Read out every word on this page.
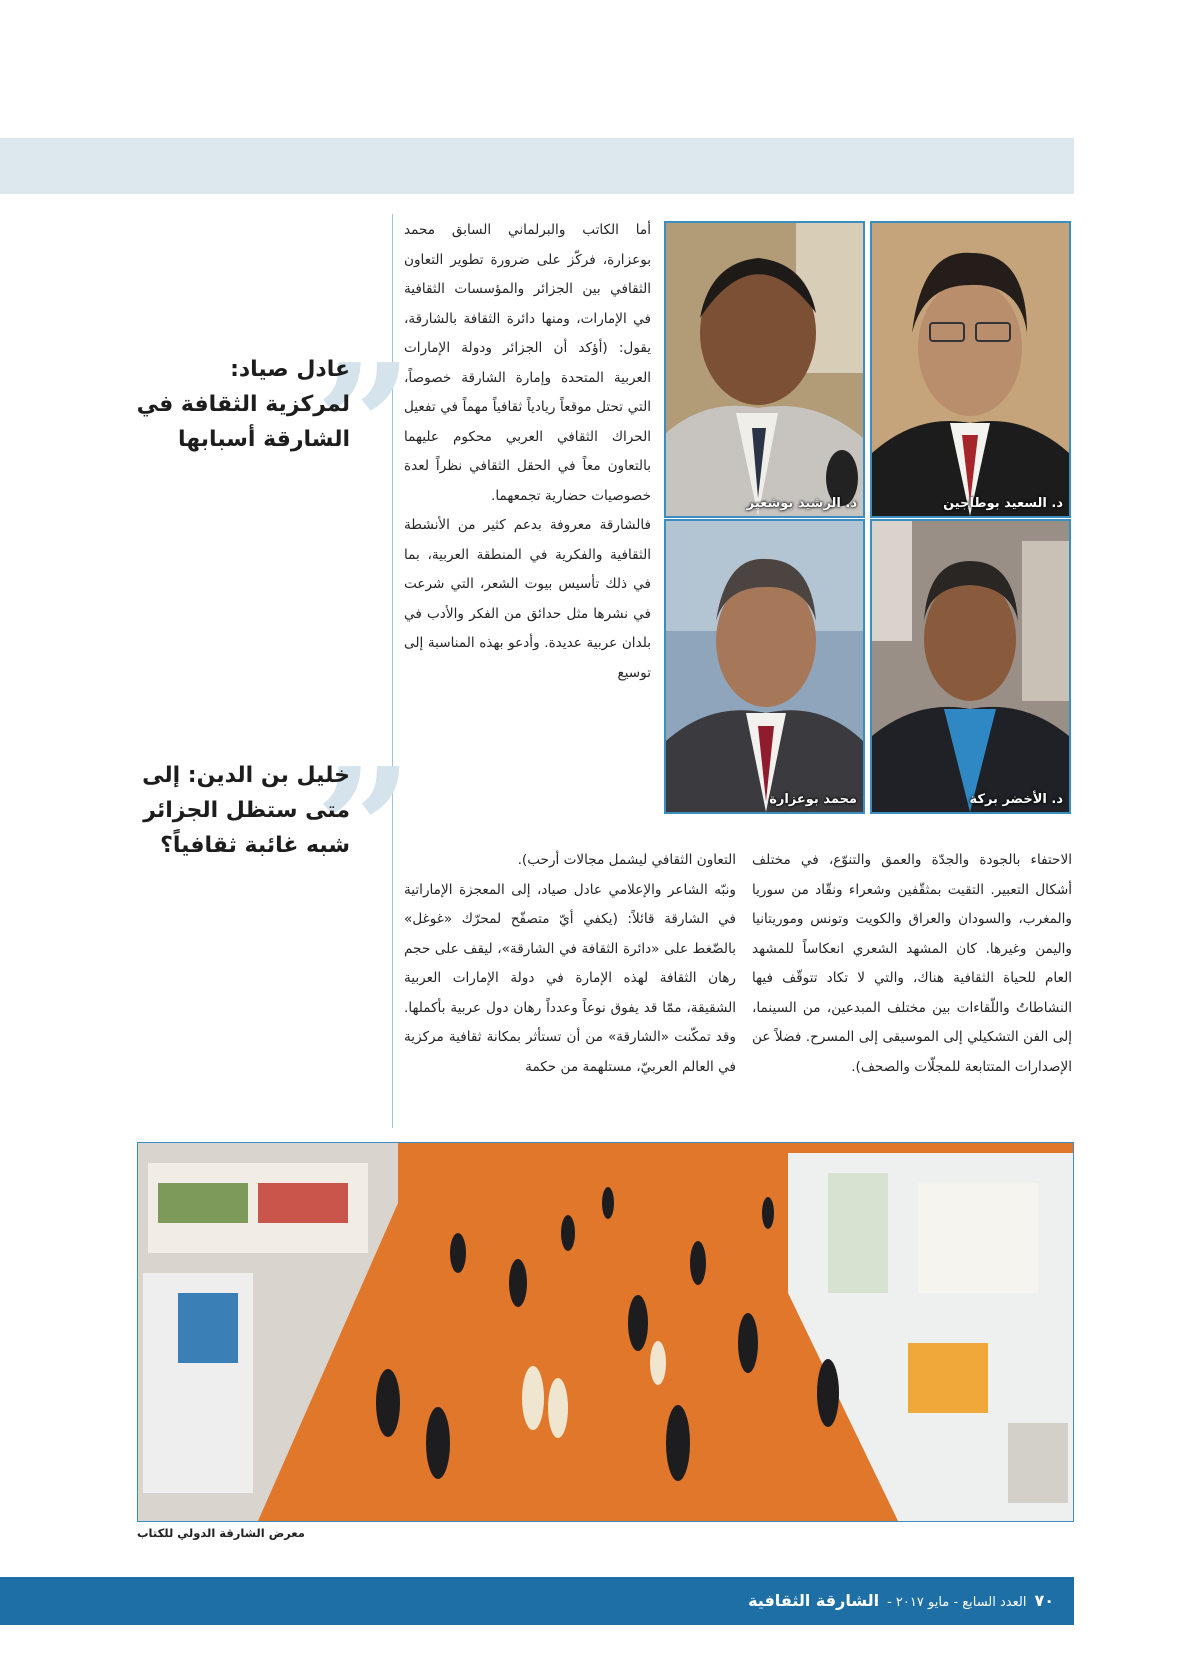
”
عادل صياد:
لمركزية الثقافة في
الشارقة أسبابها
”
خليل بن الدين: إلى
متى ستظل الجزائر
شبه غائبة ثقافياً؟

أما الكاتب والبرلماني السابق محمد بوعزارة، فركّز على ضرورة تطوير التعاون الثقافي بين الجزائر والمؤسسات الثقافية في الإمارات، ومنها دائرة الثقافة بالشارقة، يقول: (أؤكد أن الجزائر ودولة الإمارات العربية المتحدة وإمارة الشارقة خصوصاً، التي تحتل موقعاً ريادياً ثقافياً مهماً في تفعيل الحراك الثقافي العربي محكوم عليهما بالتعاون معاً في الحقل الثقافي نظراً لعدة خصوصيات حضارية تجمعهما.

فالشارقة معروفة بدعم كثير من الأنشطة الثقافية والفكرية في المنطقة العربية، بما في ذلك تأسيس بيوت الشعر، التي شرعت في نشرها مثل حدائق من الفكر والأدب في بلدان عربية عديدة. وأدعو بهذه المناسبة إلى توسيع

التعاون الثقافي ليشمل مجالات أرحب).

ونبّه الشاعر والإعلامي عادل صياد، إلى المعجزة الإماراتية في الشارقة قائلاً: (يكفي أيّ متصفّح لمحرّك «غوغل» بالضّغط على «دائرة الثقافة في الشارقة»، ليقف على حجم رهان الثقافة لهذه الإمارة في دولة الإمارات العربية الشقيقة، ممّا قد يفوق نوعاً وعدداً رهان دول عربية بأكملها. وقد تمكّنت «الشارقة» من أن تستأثر بمكانة ثقافية مركزية في العالم العربيّ، مستلهمة من حكمة

الاحتفاء بالجودة والجدّة والعمق والتنوّع، في مختلف أشكال التعبير. التقيت بمثقّفين وشعراء ونقّاد من سوريا والمغرب، والسودان والعراق والكويت وتونس وموريتانيا واليمن وغيرها. كان المشهد الشعري انعكاساً للمشهد العام للحياة الثقافية هناك، والتي لا تكاد تتوقّف فيها النشاطاتُ واللّقاءات بين مختلف المبدعين، من السينما، إلى الفن التشكيلي إلى الموسيقى إلى المسرح. فضلاً عن الإصدارات المتتابعة للمجلّات والصحف).

د. الرشيد بوشعير	د. السعيد بوطاجين
محمد بوعزارة	د. الأخضر بركة
معرض الشارقة الدولي للكتاب
٧٠العدد السابع - مايو ٢٠١٧ -الشارقة الثقافية
